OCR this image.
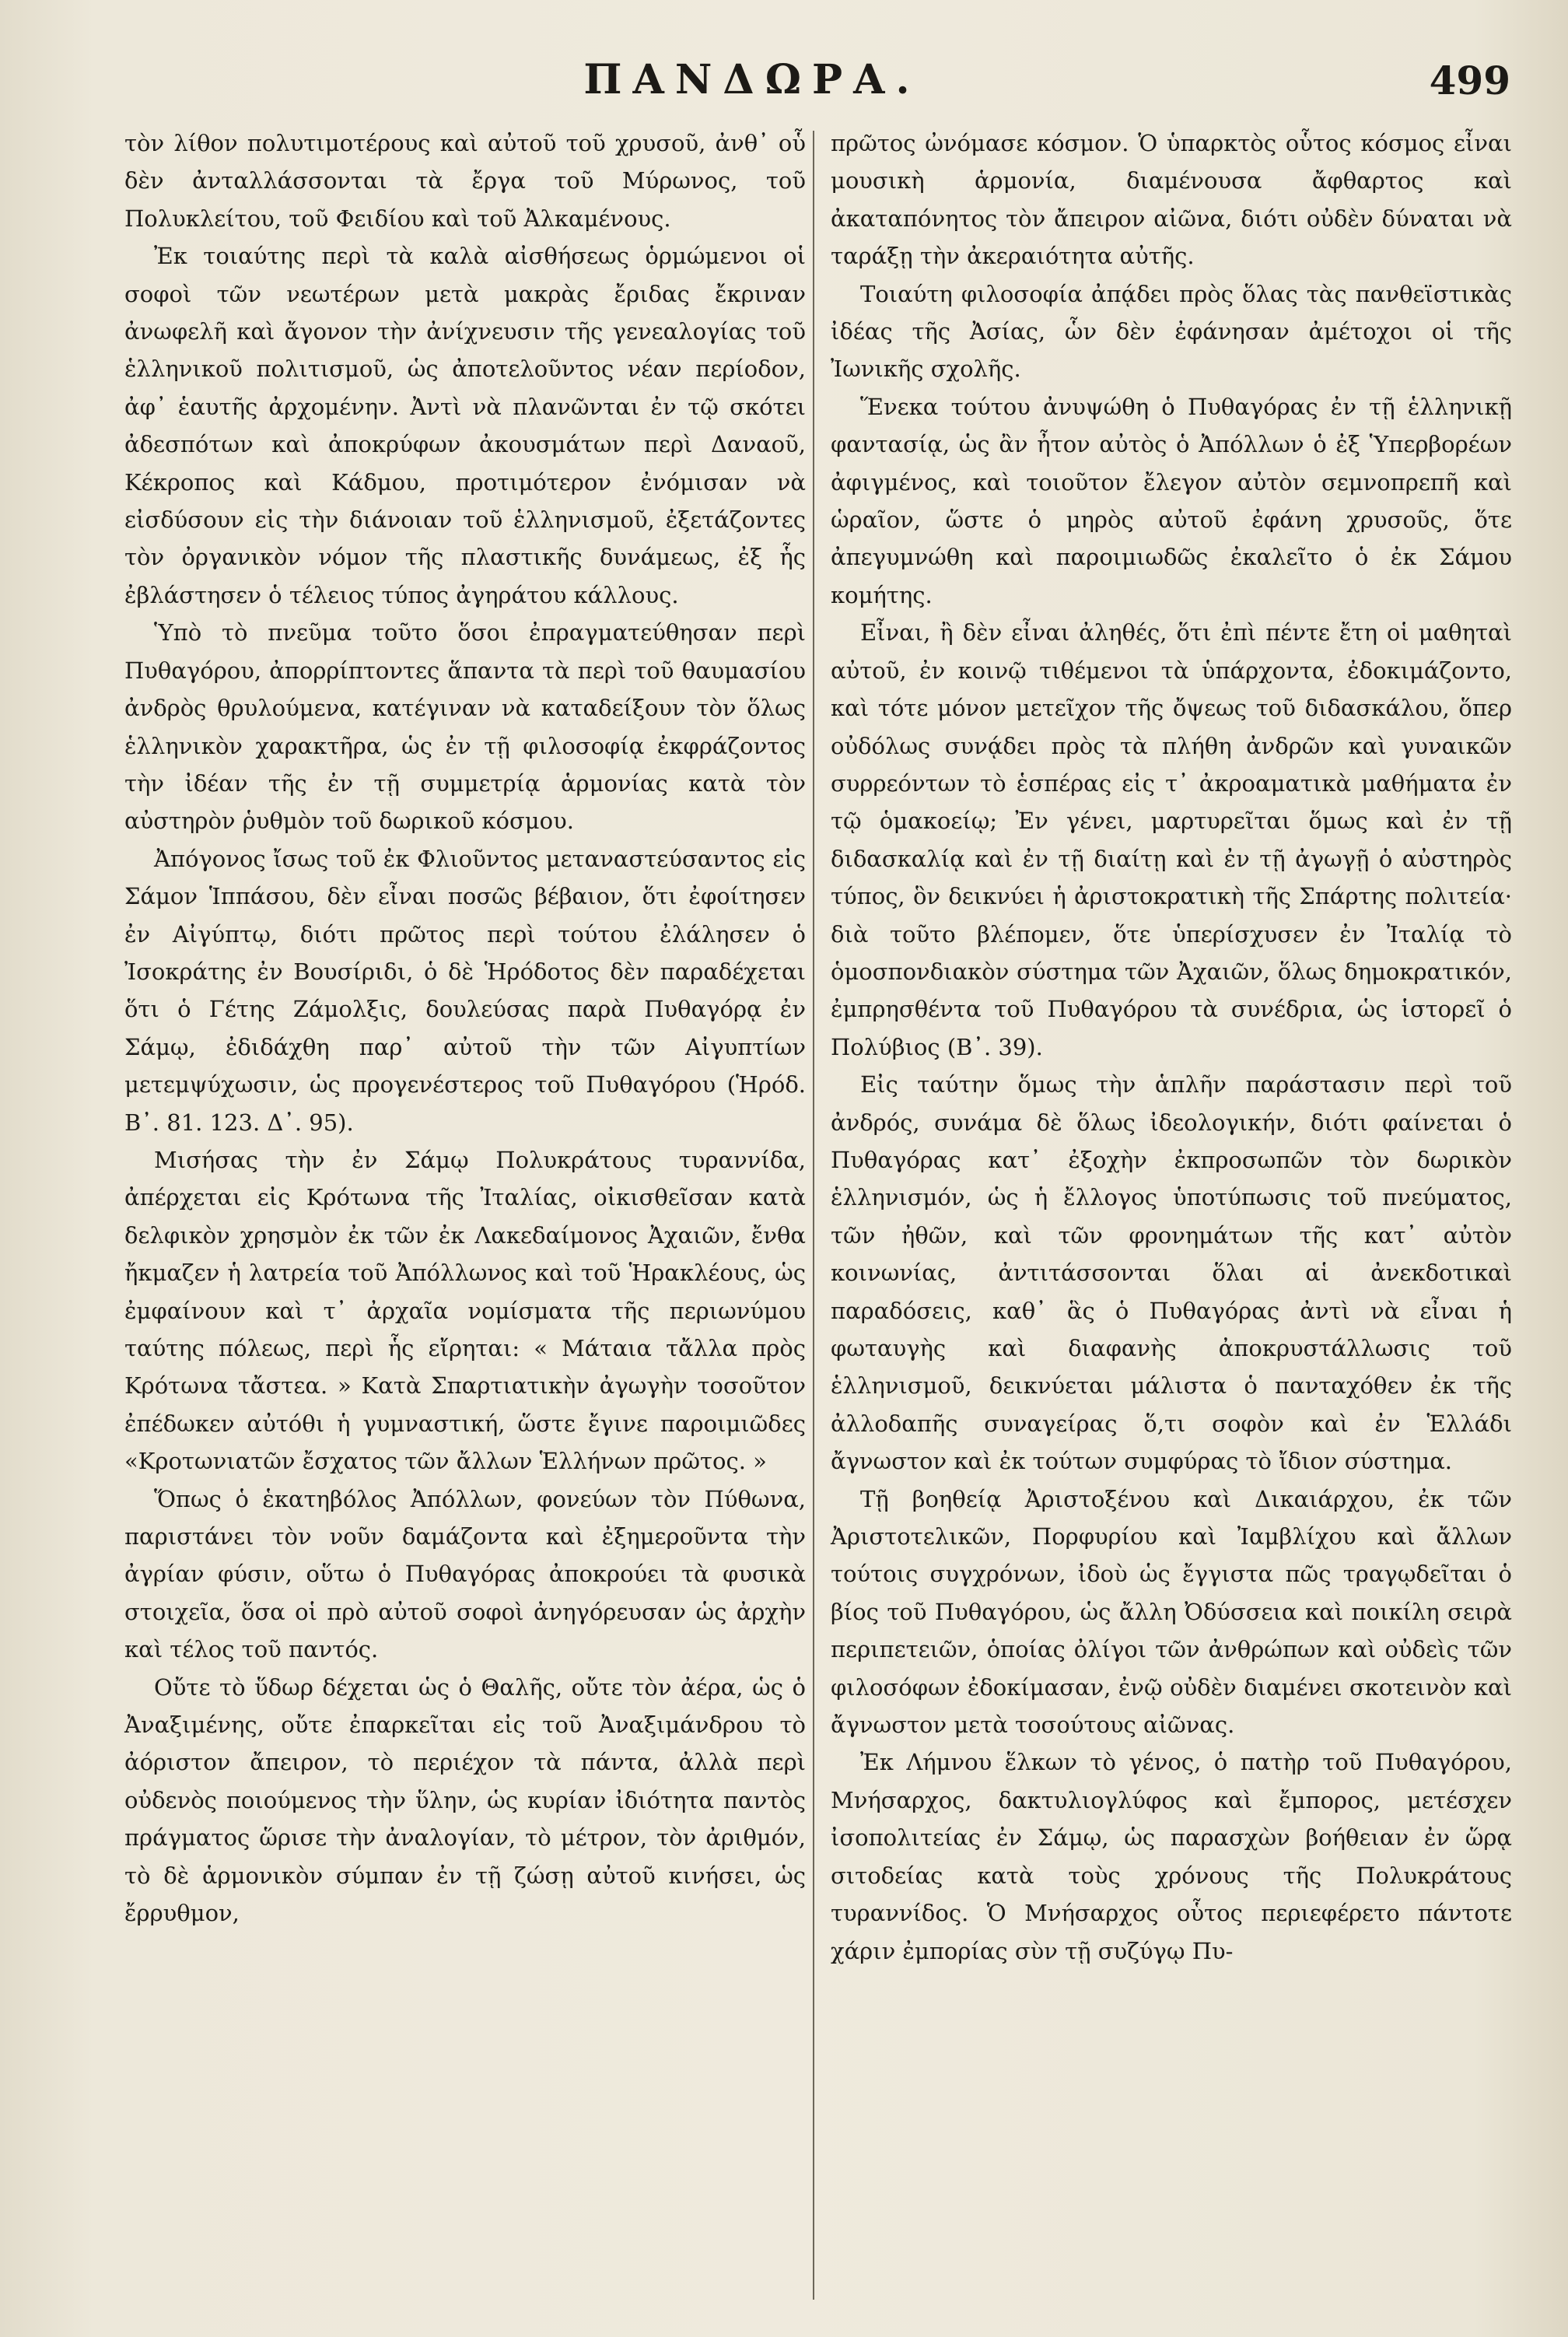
ΠΑΝΔΩΡΑ.	499

τὸν λίθον πολυτιμοτέρους καὶ αὐτοῦ τοῦ χρυσοῦ, ἀνθ᾽ οὗ δὲν ἀνταλλάσσονται τὰ ἔργα τοῦ Μύρωνος, τοῦ Πολυκλείτου, τοῦ Φειδίου καὶ τοῦ Ἀλκαμένους.

Ἐκ τοιαύτης περὶ τὰ καλὰ αἰσθήσεως ὁρμώμενοι οἱ σοφοὶ τῶν νεωτέρων μετὰ μακρὰς ἔριδας ἔκριναν ἀνωφελῆ καὶ ἄγονον τὴν ἀνίχνευσιν τῆς γενεαλογίας τοῦ ἑλληνικοῦ πολιτισμοῦ, ὡς ἀποτελοῦντος νέαν περίοδον, ἀφ᾽ ἑαυτῆς ἀρχομένην. Ἀντὶ νὰ πλανῶνται ἐν τῷ σκότει ἀδεσπότων καὶ ἀποκρύφων ἀκουσμάτων περὶ Δαναοῦ, Κέκροπος καὶ Κάδμου, προτιμότερον ἐνόμισαν νὰ εἰσδύσουν εἰς τὴν διάνοιαν τοῦ ἑλληνισμοῦ, ἐξετάζοντες τὸν ὀργανικὸν νόμον τῆς πλαστικῆς δυνάμεως, ἐξ ἧς ἐβλάστησεν ὁ τέλειος τύπος ἀγηράτου κάλλους.

Ὑπὸ τὸ πνεῦμα τοῦτο ὅσοι ἐπραγματεύθησαν περὶ Πυθαγόρου, ἀπορρίπτοντες ἅπαντα τὰ περὶ τοῦ θαυμασίου ἀνδρὸς θρυλούμενα, κατέγιναν νὰ καταδείξουν τὸν ὅλως ἑλληνικὸν χαρακτῆρα, ὡς ἐν τῇ φιλοσοφίᾳ ἐκφράζοντος τὴν ἰδέαν τῆς ἐν τῇ συμμετρίᾳ ἁρμονίας κατὰ τὸν αὐστηρὸν ῥυθμὸν τοῦ δωρικοῦ κόσμου.

Ἀπόγονος ἴσως τοῦ ἐκ Φλιοῦντος μεταναστεύσαντος εἰς Σάμον Ἱππάσου, δὲν εἶναι ποσῶς βέβαιον, ὅτι ἐφοίτησεν ἐν Αἰγύπτῳ, διότι πρῶτος περὶ τούτου ἐλάλησεν ὁ Ἰσοκράτης ἐν Βουσίριδι, ὁ δὲ Ἡρόδοτος δὲν παραδέχεται ὅτι ὁ Γέτης Ζάμολξις, δουλεύσας παρὰ Πυθαγόρᾳ ἐν Σάμῳ, ἐδιδάχθη παρ᾽ αὐτοῦ τὴν τῶν Αἰγυπτίων μετεμψύχωσιν, ὡς προγενέστερος τοῦ Πυθαγόρου (Ἡρόδ. Β᾽. 81. 123. Δ᾽. 95).

Μισήσας τὴν ἐν Σάμῳ Πολυκράτους τυραννίδα, ἀπέρχεται εἰς Κρότωνα τῆς Ἰταλίας, οἰκισθεῖσαν κατὰ δελφικὸν χρησμὸν ἐκ τῶν ἐκ Λακεδαίμονος Ἀχαιῶν, ἔνθα ἤκμαζεν ἡ λατρεία τοῦ Ἀπόλλωνος καὶ τοῦ Ἡρακλέους, ὡς ἐμφαίνουν καὶ τ᾽ ἀρχαῖα νομίσματα τῆς περιωνύμου ταύτης πόλεως, περὶ ἧς εἴρηται: « Μάταια τἄλλα πρὸς Κρότωνα τἄστεα. » Κατὰ Σπαρτιατικὴν ἀγωγὴν τοσοῦτον ἐπέδωκεν αὐτόθι ἡ γυμναστική, ὥστε ἔγινε παροιμιῶδες «Κροτωνιατῶν ἔσχατος τῶν ἄλλων Ἑλλήνων πρῶτος. »

Ὅπως ὁ ἑκατηβόλος Ἀπόλλων, φονεύων τὸν Πύθωνα, παριστάνει τὸν νοῦν δαμάζοντα καὶ ἐξημεροῦντα τὴν ἀγρίαν φύσιν, οὕτω ὁ Πυθαγόρας ἀποκρούει τὰ φυσικὰ στοιχεῖα, ὅσα οἱ πρὸ αὐτοῦ σοφοὶ ἀνηγόρευσαν ὡς ἀρχὴν καὶ τέλος τοῦ παντός.

Οὔτε τὸ ὕδωρ δέχεται ὡς ὁ Θαλῆς, οὔτε τὸν ἀέρα, ὡς ὁ Ἀναξιμένης, οὔτε ἐπαρκεῖται εἰς τοῦ Ἀναξιμάνδρου τὸ ἀόριστον ἄπειρον, τὸ περιέχον τὰ πάντα, ἀλλὰ περὶ οὐδενὸς ποιούμενος τὴν ὕλην, ὡς κυρίαν ἰδιότητα παντὸς πράγματος ὥρισε τὴν ἀναλογίαν, τὸ μέτρον, τὸν ἀριθμόν, τὸ δὲ ἁρμονικὸν σύμπαν ἐν τῇ ζώσῃ αὐτοῦ κινήσει, ὡς ἔρρυθμον,

πρῶτος ὠνόμασε κόσμον. Ὁ ὑπαρκτὸς οὗτος κόσμος εἶναι μουσικὴ ἁρμονία, διαμένουσα ἄφθαρτος καὶ ἀκαταπόνητος τὸν ἄπειρον αἰῶνα, διότι οὐδὲν δύναται νὰ ταράξῃ τὴν ἀκεραιότητα αὐτῆς.

Τοιαύτη φιλοσοφία ἀπᾴδει πρὸς ὅλας τὰς πανθεϊστικὰς ἰδέας τῆς Ἀσίας, ὧν δὲν ἐφάνησαν ἀμέτοχοι οἱ τῆς Ἰωνικῆς σχολῆς.

Ἕνεκα τούτου ἀνυψώθη ὁ Πυθαγόρας ἐν τῇ ἑλληνικῇ φαντασίᾳ, ὡς ἂν ἦτον αὐτὸς ὁ Ἀπόλλων ὁ ἐξ Ὑπερβορέων ἀφιγμένος, καὶ τοιοῦτον ἔλεγον αὐτὸν σεμνοπρεπῆ καὶ ὡραῖον, ὥστε ὁ μηρὸς αὐτοῦ ἐφάνη χρυσοῦς, ὅτε ἀπεγυμνώθη καὶ παροιμιωδῶς ἐκαλεῖτο ὁ ἐκ Σάμου κομήτης.

Εἶναι, ἢ δὲν εἶναι ἀληθές, ὅτι ἐπὶ πέντε ἔτη οἱ μαθηταὶ αὐτοῦ, ἐν κοινῷ τιθέμενοι τὰ ὑπάρχοντα, ἐδοκιμάζοντο, καὶ τότε μόνον μετεῖχον τῆς ὄψεως τοῦ διδασκάλου, ὅπερ οὐδόλως συνᾴδει πρὸς τὰ πλήθη ἀνδρῶν καὶ γυναικῶν συρρεόντων τὸ ἑσπέρας εἰς τ᾽ ἀκροαματικὰ μαθήματα ἐν τῷ ὁμακοείῳ; Ἐν γένει, μαρτυρεῖται ὅμως καὶ ἐν τῇ διδασκαλίᾳ καὶ ἐν τῇ διαίτῃ καὶ ἐν τῇ ἀγωγῇ ὁ αὐστηρὸς τύπος, ὃν δεικνύει ἡ ἀριστοκρατικὴ τῆς Σπάρτης πολιτεία· διὰ τοῦτο βλέπομεν, ὅτε ὑπερίσχυσεν ἐν Ἰταλίᾳ τὸ ὁμοσπονδιακὸν σύστημα τῶν Ἀχαιῶν, ὅλως δημοκρατικόν, ἐμπρησθέντα τοῦ Πυθαγόρου τὰ συνέδρια, ὡς ἱστορεῖ ὁ Πολύβιος (Β᾽. 39).

Εἰς ταύτην ὅμως τὴν ἁπλῆν παράστασιν περὶ τοῦ ἀνδρός, συνάμα δὲ ὅλως ἰδεολογικήν, διότι φαίνεται ὁ Πυθαγόρας κατ᾽ ἐξοχὴν ἐκπροσωπῶν τὸν δωρικὸν ἑλληνισμόν, ὡς ἡ ἔλλογος ὑποτύπωσις τοῦ πνεύματος, τῶν ἠθῶν, καὶ τῶν φρονημάτων τῆς κατ᾽ αὐτὸν κοινωνίας, ἀντιτάσσονται ὅλαι αἱ ἀνεκδοτικαὶ παραδόσεις, καθ᾽ ἃς ὁ Πυθαγόρας ἀντὶ νὰ εἶναι ἡ φωταυγὴς καὶ διαφανὴς ἀποκρυστάλλωσις τοῦ ἑλληνισμοῦ, δεικνύεται μάλιστα ὁ πανταχόθεν ἐκ τῆς ἀλλοδαπῆς συναγείρας ὅ,τι σοφὸν καὶ ἐν Ἑλλάδι ἄγνωστον καὶ ἐκ τούτων συμφύρας τὸ ἴδιον σύστημα.

Τῇ βοηθείᾳ Ἀριστοξένου καὶ Δικαιάρχου, ἐκ τῶν Ἀριστοτελικῶν, Πορφυρίου καὶ Ἰαμβλίχου καὶ ἄλλων τούτοις συγχρόνων, ἰδοὺ ὡς ἔγγιστα πῶς τραγῳδεῖται ὁ βίος τοῦ Πυθαγόρου, ὡς ἄλλη Ὀδύσσεια καὶ ποικίλη σειρὰ περιπετειῶν, ὁποίας ὀλίγοι τῶν ἀνθρώπων καὶ οὐδεὶς τῶν φιλοσόφων ἐδοκίμασαν, ἐνῷ οὐδὲν διαμένει σκοτεινὸν καὶ ἄγνωστον μετὰ τοσούτους αἰῶνας.

Ἐκ Λήμνου ἕλκων τὸ γένος, ὁ πατὴρ τοῦ Πυθαγόρου, Μνήσαρχος, δακτυλιογλύφος καὶ ἔμπορος, μετέσχεν ἰσοπολιτείας ἐν Σάμῳ, ὡς παρασχὼν βοήθειαν ἐν ὥρᾳ σιτοδείας κατὰ τοὺς χρόνους τῆς Πολυκράτους τυραννίδος. Ὁ Μνήσαρχος οὗτος περιεφέρετο πάντοτε χάριν ἐμπορίας σὺν τῇ συζύγῳ Πυ-
